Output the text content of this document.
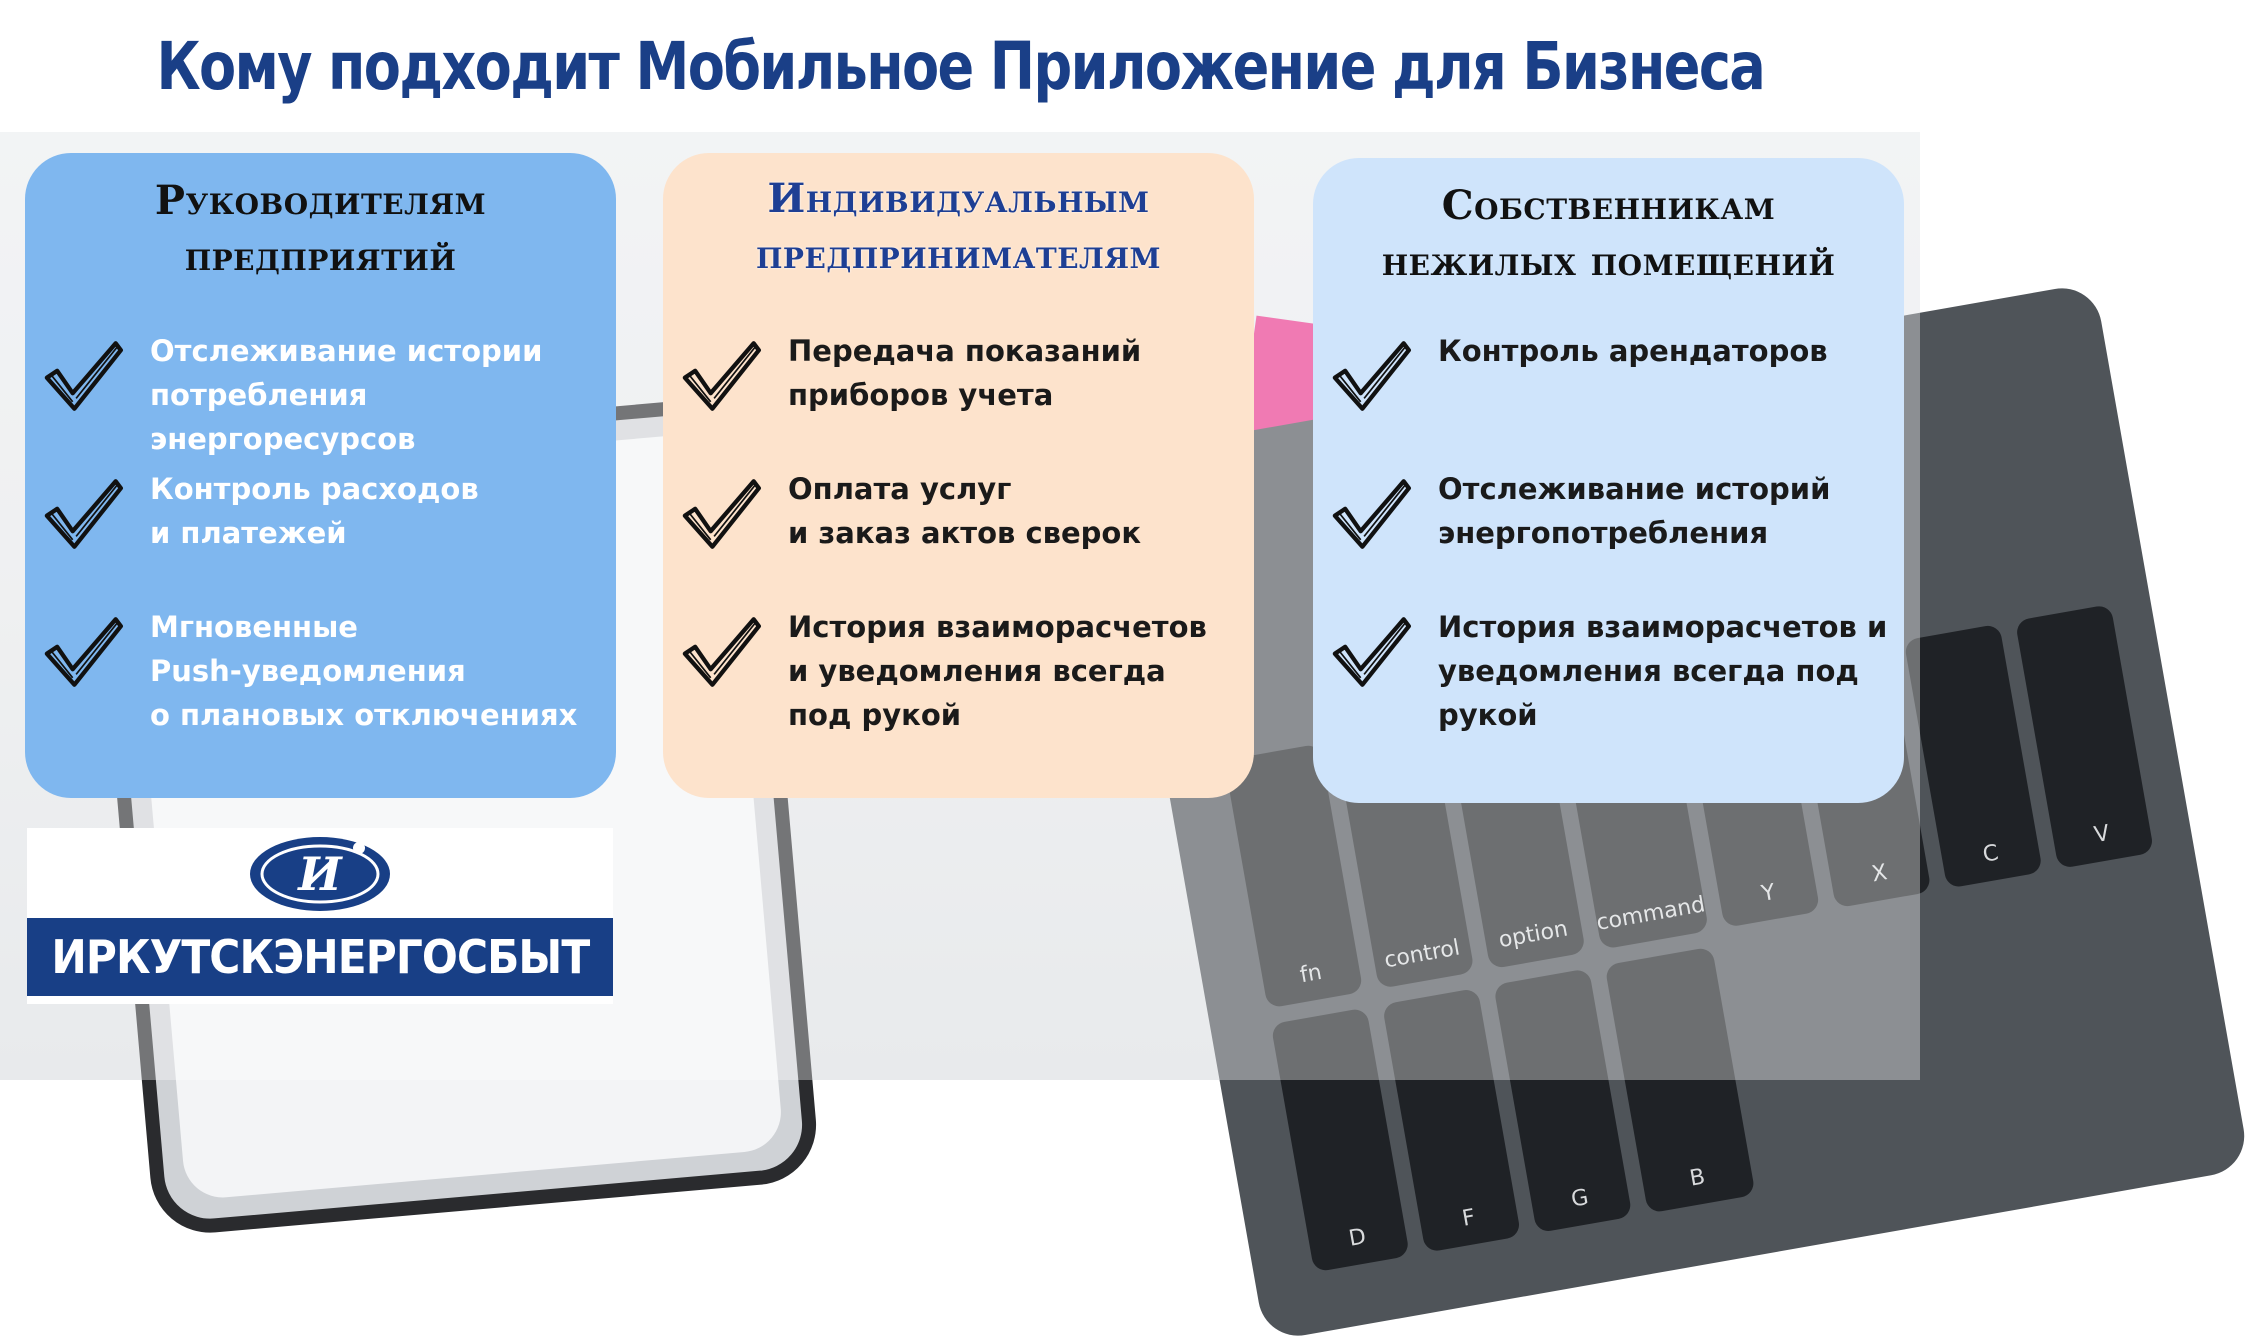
Кому подходит Мобильное Приложение для Бизнеса
fn
control
option	command	Y
X
C
V
D
F
G
B
Руководителям
предприятий
Отслеживание истории
потребления энергоресурсов
Контроль расходов
и платежей
Мгновенные
Push-уведомления
о плановых отключениях
Индивидуальным
предпринимателям
Передача показаний
приборов учета
Оплата услуг
и заказ актов сверок
История взаиморасчетов
и уведомления всегда
под рукой
Собственникам
нежилых помещений
Контроль арендаторов
Отслеживание историй
энергопотребления
История взаиморасчетов и
уведомления всегда под
рукой
И
ИРКУТСКЭНЕРГОСБЫТ
